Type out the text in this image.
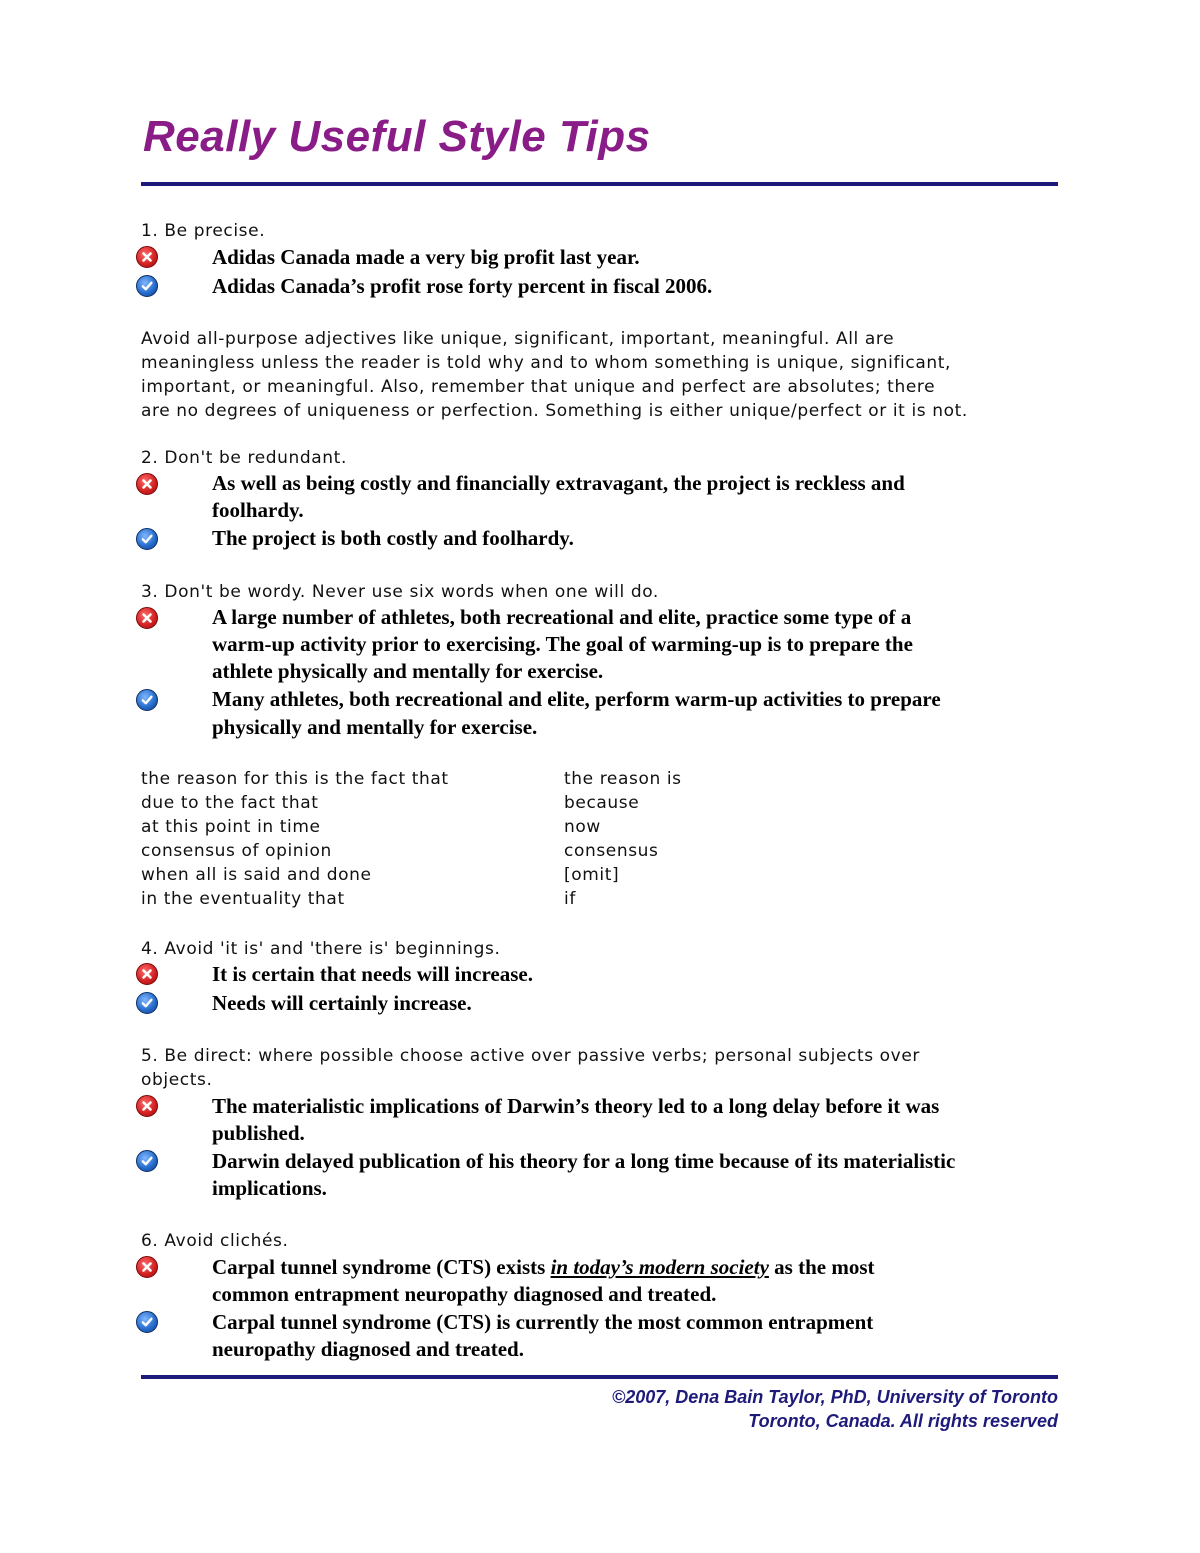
Really Useful Style Tips
1. Be precise.
Adidas Canada made a very big profit last year.
Adidas Canada’s profit rose forty percent in fiscal 2006.
Avoid all-purpose adjectives like unique, significant, important, meaningful. All are
meaningless unless the reader is told why and to whom something is unique, significant,
important, or meaningful. Also, remember that unique and perfect are absolutes; there
are no degrees of uniqueness or perfection. Something is either unique/perfect or it is not.
2. Don't be redundant.
As well as being costly and financially extravagant, the project is reckless and
foolhardy.
The project is both costly and foolhardy.
3. Don't be wordy. Never use six words when one will do.
A large number of athletes, both recreational and elite, practice some type of a
warm-up activity prior to exercising. The goal of warming-up is to prepare the
athlete physically and mentally for exercise.
Many athletes, both recreational and elite, perform warm-up activities to prepare
physically and mentally for exercise.
the reason for this is the fact that	the reason is
due to the fact that	because
at this point in time	now
consensus of opinion	consensus
when all is said and done	[omit]
in the eventuality that	if
4. Avoid 'it is' and 'there is' beginnings.
It is certain that needs will increase.
Needs will certainly increase.
5. Be direct: where possible choose active over passive verbs; personal subjects over
objects.
The materialistic implications of Darwin’s theory led to a long delay before it was
published.
Darwin delayed publication of his theory for a long time because of its materialistic
implications.
6. Avoid clichés.
Carpal tunnel syndrome (CTS) exists in today’s modern society as the most
common entrapment neuropathy diagnosed and treated.
Carpal tunnel syndrome (CTS) is currently the most common entrapment
neuropathy diagnosed and treated.
©2007, Dena Bain Taylor, PhD, University of Toronto
Toronto, Canada. All rights reserved
